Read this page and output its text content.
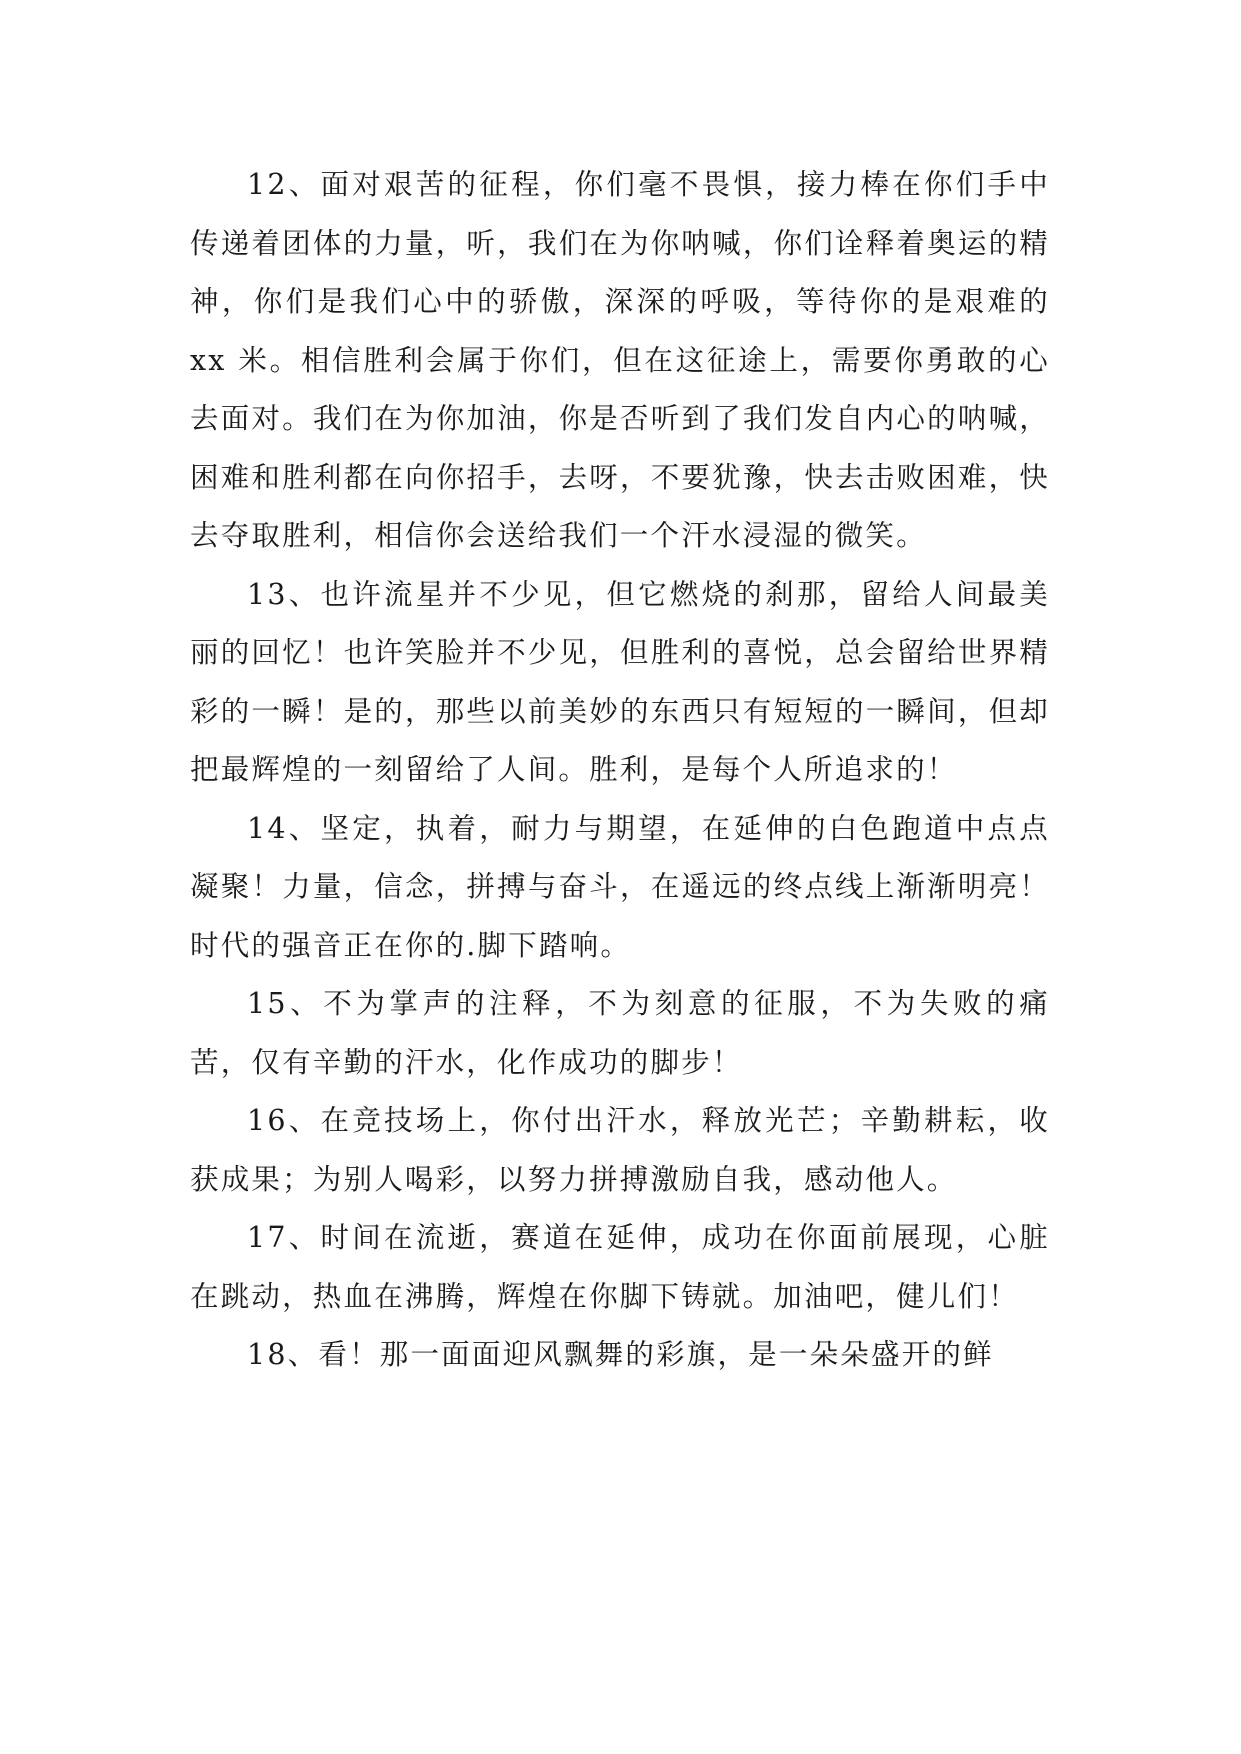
12、面对艰苦的征程，你们毫不畏惧，接力棒在你们手中传递着团体的力量，听，我们在为你呐喊，你们诠释着奥运的精神，你们是我们心中的骄傲，深深的呼吸，等待你的是艰难的 xx 米。相信胜利会属于你们，但在这征途上，需要你勇敢的心去面对。我们在为你加油，你是否听到了我们发自内心的呐喊，困难和胜利都在向你招手，去呀，不要犹豫，快去击败困难，快去夺取胜利，相信你会送给我们一个汗水浸湿的微笑。

13、也许流星并不少见，但它燃烧的刹那，留给人间最美丽的回忆！也许笑脸并不少见，但胜利的喜悦，总会留给世界精彩的一瞬！是的，那些以前美妙的东西只有短短的一瞬间，但却把最辉煌的一刻留给了人间。胜利，是每个人所追求的！

14、坚定，执着，耐力与期望，在延伸的白色跑道中点点凝聚！力量，信念，拼搏与奋斗，在遥远的终点线上渐渐明亮！时代的强音正在你的.脚下踏响。

15、不为掌声的注释，不为刻意的征服，不为失败的痛苦，仅有辛勤的汗水，化作成功的脚步！

16、在竞技场上，你付出汗水，释放光芒；辛勤耕耘，收获成果；为别人喝彩，以努力拼搏激励自我，感动他人。

17、时间在流逝，赛道在延伸，成功在你面前展现，心脏在跳动，热血在沸腾，辉煌在你脚下铸就。加油吧，健儿们！

18、看！那一面面迎风飘舞的彩旗，是一朵朵盛开的鲜
